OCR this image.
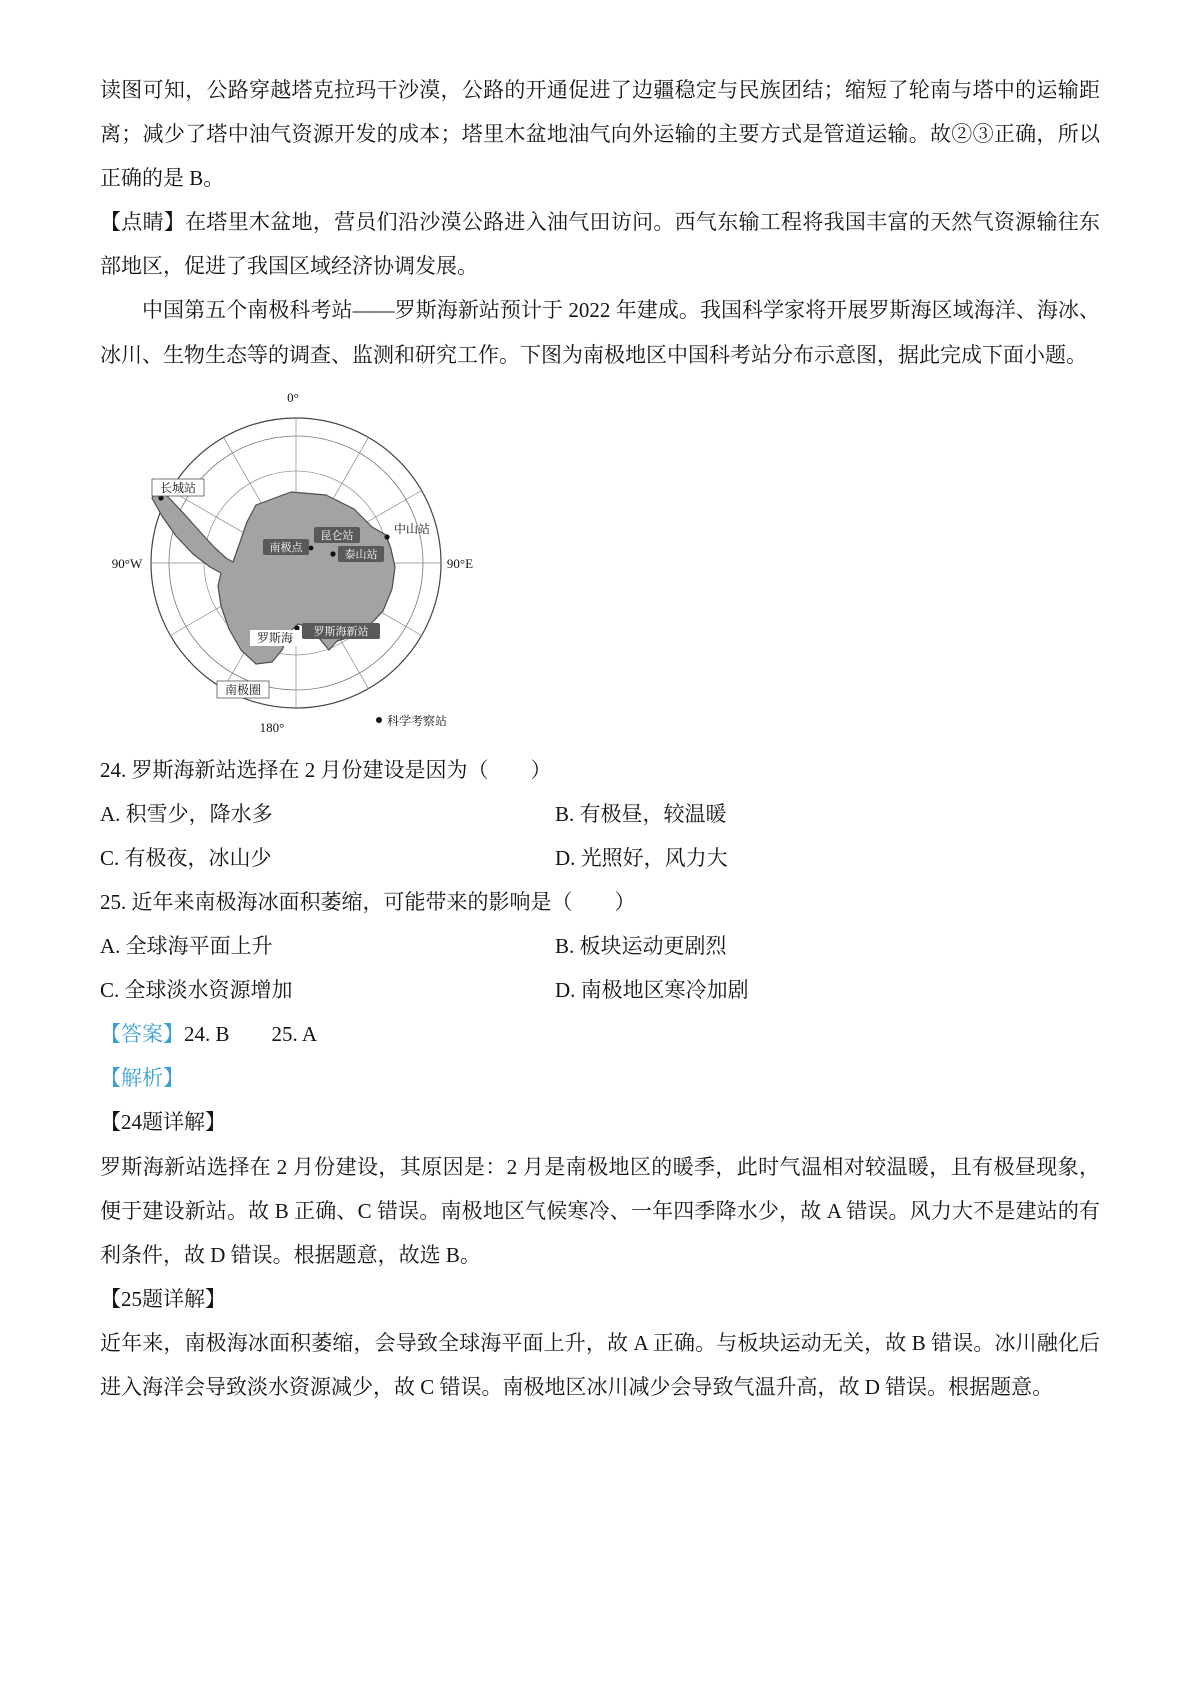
读图可知，公路穿越塔克拉玛干沙漠，公路的开通促进了边疆稳定与民族团结；缩短了轮南与塔中的运输距离；减少了塔中油气资源开发的成本；塔里木盆地油气向外运输的主要方式是管道运输。故②③正确，所以正确的是 B。

【点睛】在塔里木盆地，营员们沿沙漠公路进入油气田访问。西气东输工程将我国丰富的天然气资源输往东部地区，促进了我国区域经济协调发展。

中国第五个南极科考站——罗斯海新站预计于 2022 年建成。我国科学家将开展罗斯海区域海洋、海冰、冰川、生物生态等的调查、监测和研究工作。下图为南极地区中国科考站分布示意图，据此完成下面小题。

0°
90°W	90°E
180°
长城站
中山站
罗斯海
南极圈
南极点
昆仑站
泰山站
罗斯海新站
科学考察站

24. 罗斯海新站选择在 2 月份建设是因为（　　）

A. 积雪少，降水多	B. 有极昼，较温暖
C. 有极夜，冰山少	D. 光照好，风力大

25. 近年来南极海冰面积萎缩，可能带来的影响是（　　）

A. 全球海平面上升	B. 板块运动更剧烈
C. 全球淡水资源增加	D. 南极地区寒冷加剧

【答案】24. B　　25. A

【解析】

【24题详解】

罗斯海新站选择在 2 月份建设，其原因是：2 月是南极地区的暖季，此时气温相对较温暖，且有极昼现象，便于建设新站。故 B 正确、C 错误。南极地区气候寒冷、一年四季降水少，故 A 错误。风力大不是建站的有利条件，故 D 错误。根据题意，故选 B。

【25题详解】

近年来，南极海冰面积萎缩，会导致全球海平面上升，故 A 正确。与板块运动无关，故 B 错误。冰川融化后进入海洋会导致淡水资源减少，故 C 错误。南极地区冰川减少会导致气温升高，故 D 错误。根据题意。
